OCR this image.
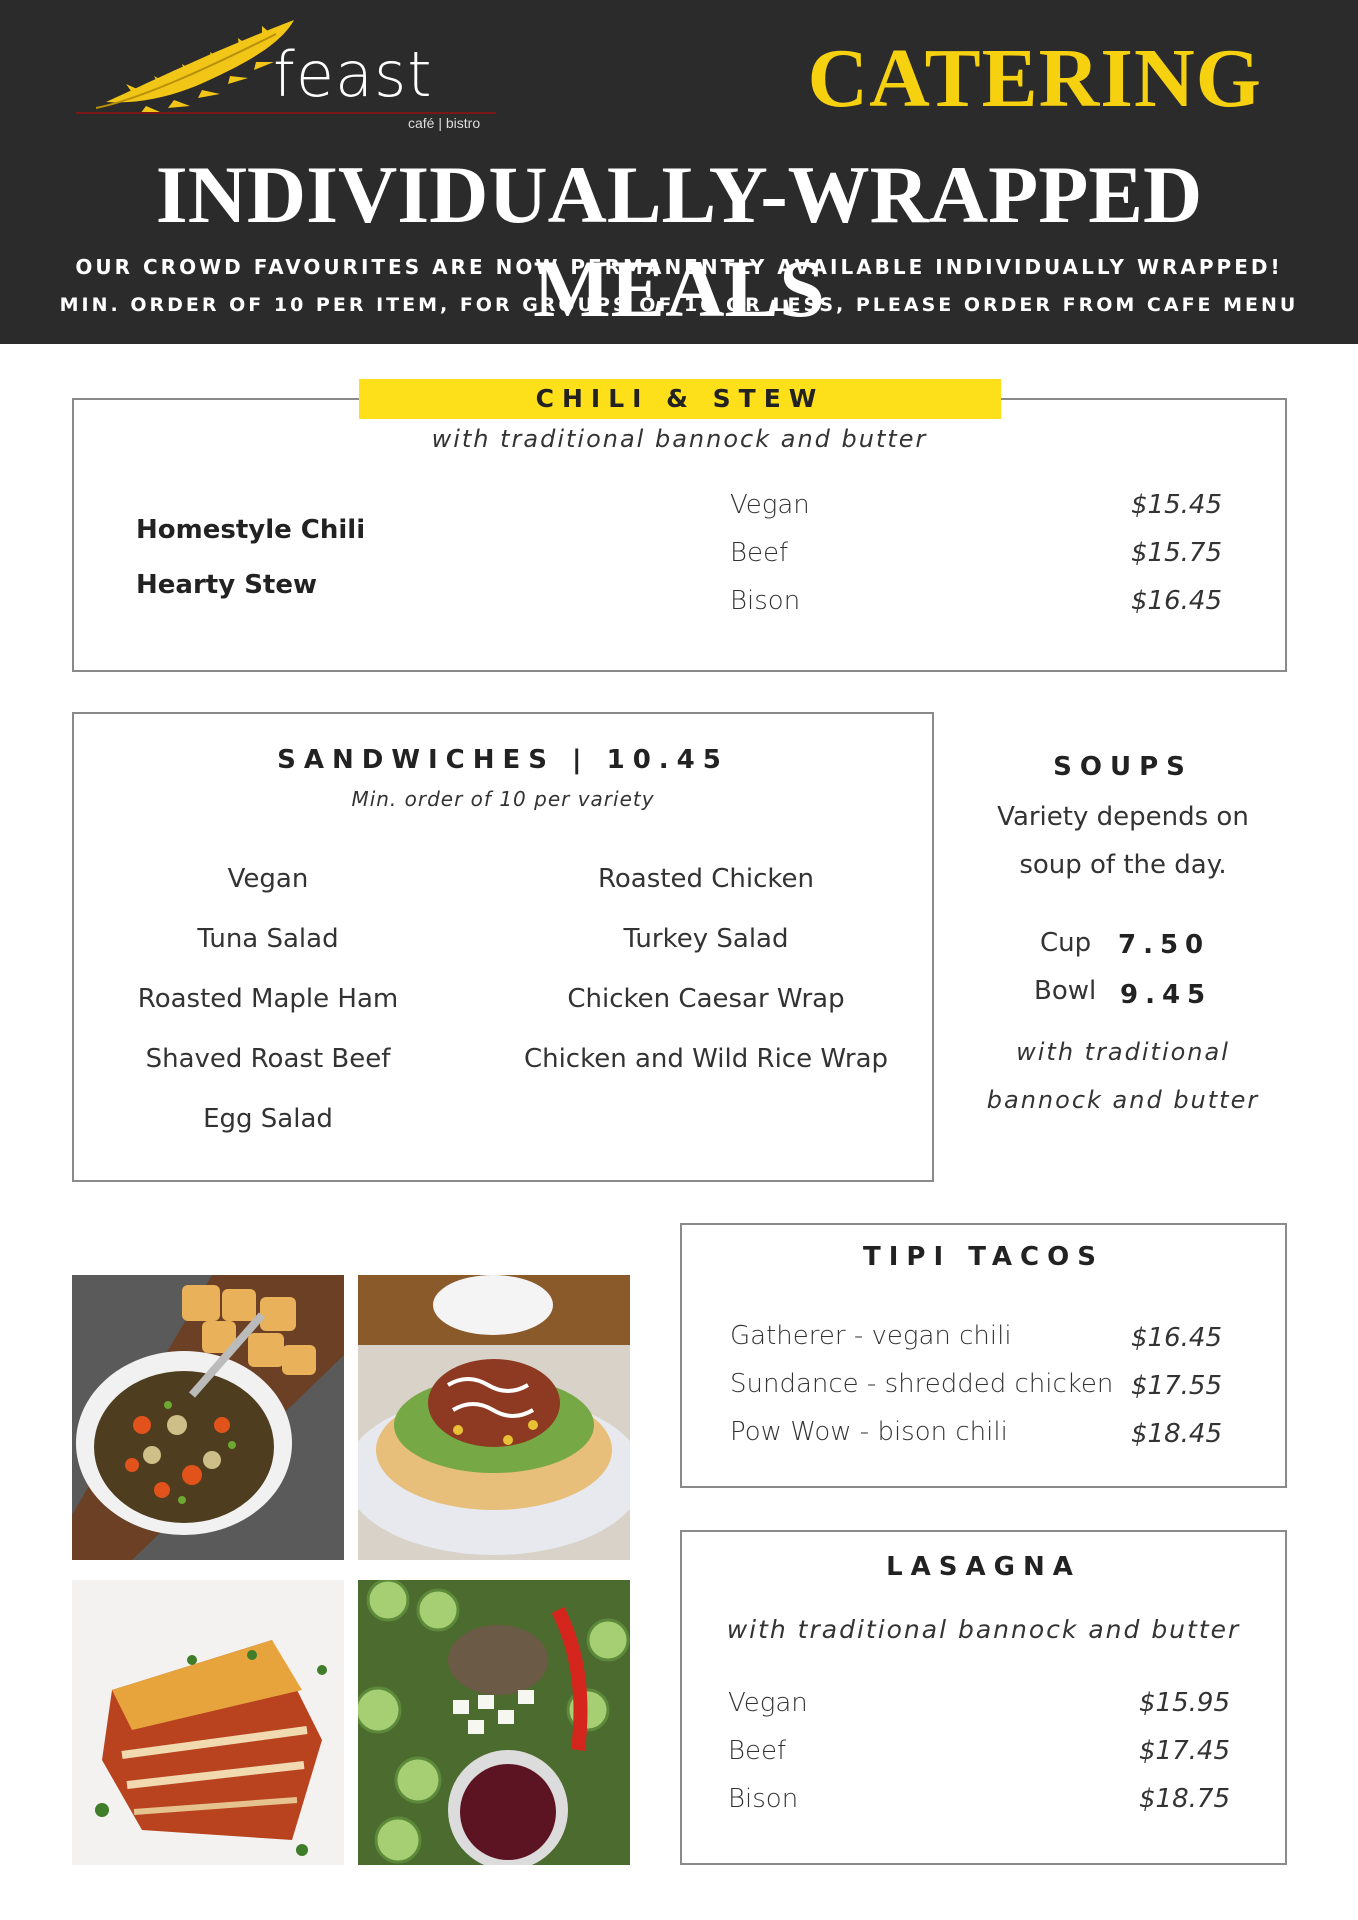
feast
café | bistro	CATERING
INDIVIDUALLY-WRAPPED MEALS
OUR CROWD FAVOURITES ARE NOW PERMANENTLY AVAILABLE INDIVIDUALLY WRAPPED!
MIN. ORDER OF 10 PER ITEM, FOR GROUPS OF 10 OR LESS, PLEASE ORDER FROM CAFE MENU
CHILI & STEW
with traditional bannock and butter
Homestyle Chili
Hearty Stew
Vegan
Beef
Bison
$15.45
$15.75
$16.45
SANDWICHES | 10.45
Min. order of 10 per variety
Vegan
Tuna Salad
Roasted Maple Ham
Shaved Roast Beef
Egg Salad
Roasted Chicken
Turkey Salad
Chicken Caesar Wrap
Chicken and Wild Rice Wrap
SOUPS
Variety depends on
soup of the day.
Cup	7.50
Bowl 9.45
with traditional
bannock and butter
TIPI TACOS
Gatherer - vegan chili
Sundance - shredded chicken
Pow Wow - bison chili
$16.45
$17.55
$18.45
LASAGNA
with traditional bannock and butter
Vegan
Beef
Bison
$15.95
$17.45
$18.75
